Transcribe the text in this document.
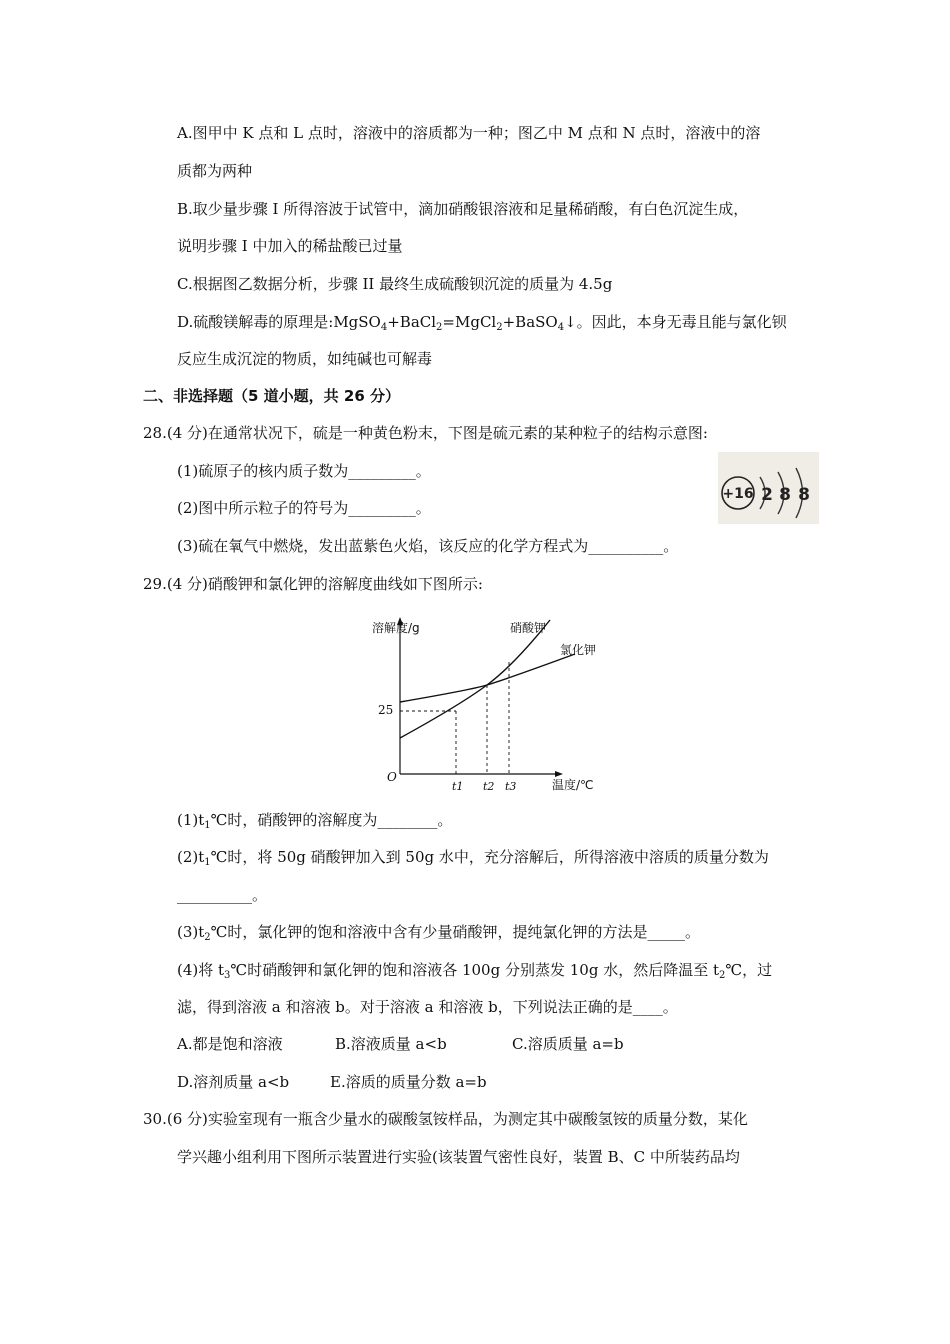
A.图甲中 K 点和 L 点时，溶液中的溶质都为一种；图乙中 M 点和 N 点时，溶液中的溶
质都为两种
B.取少量步骤 I 所得溶波于试管中，滴加硝酸银溶液和足量稀硝酸，有白色沉淀生成，
说明步骤 I 中加入的稀盐酸已过量
C.根据图乙数据分析，步骤 II 最终生成硫酸钡沉淀的质量为 4.5g
D.硫酸镁解毒的原理是:MgSO$_4$+BaCl$_2$=MgCl$_2$+BaSO$_4$↓。因此，本身无毒且能与氯化钡
反应生成沉淀的物质，如纯碱也可解毒
二、非选择题（5 道小题，共 26 分）
28.(4 分)在通常状况下，硫是一种黄色粉末，下图是硫元素的某种粒子的结构示意图:
(1)硫原子的核内质子数为_________。
(2)图中所示粒子的符号为_________。
(3)硫在氧气中燃烧，发出蓝紫色火焰，该反应的化学方程式为__________。
+16 2 8 8
29.(4 分)硝酸钾和氯化钾的溶解度曲线如下图所示:
溶解度/g
温度/℃
O
25
硝酸钾
氯化钾
t1 t2 t3
$(1)t_1℃$时，硝酸钾的溶解度为________。
$(2)t_1℃$时，将 50g 硝酸钾加入到 50g 水中，充分溶解后，所得溶液中溶质的质量分数为
__________。
$(3)t_2℃$时，氯化钾的饱和溶液中含有少量硝酸钾，提纯氯化钾的方法是_____。
(4)将 $t_3℃$时硝酸钾和氯化钾的饱和溶液各 100g 分别蒸发 10g 水，然后降温至 $t_2℃$，过
滤，得到溶液 a 和溶液 b。对于溶液 a 和溶液 b，下列说法正确的是____。
A.都是饱和溶液	B.溶液质量 a<b	C.溶质质量 a=b
D.溶剂质量 a<b	E.溶质的质量分数 a=b
30.(6 分)实验室现有一瓶含少量水的碳酸氢铵样品，为测定其中碳酸氢铵的质量分数，某化
学兴趣小组利用下图所示装置进行实验(该装置气密性良好，装置 B、C 中所装药品均
